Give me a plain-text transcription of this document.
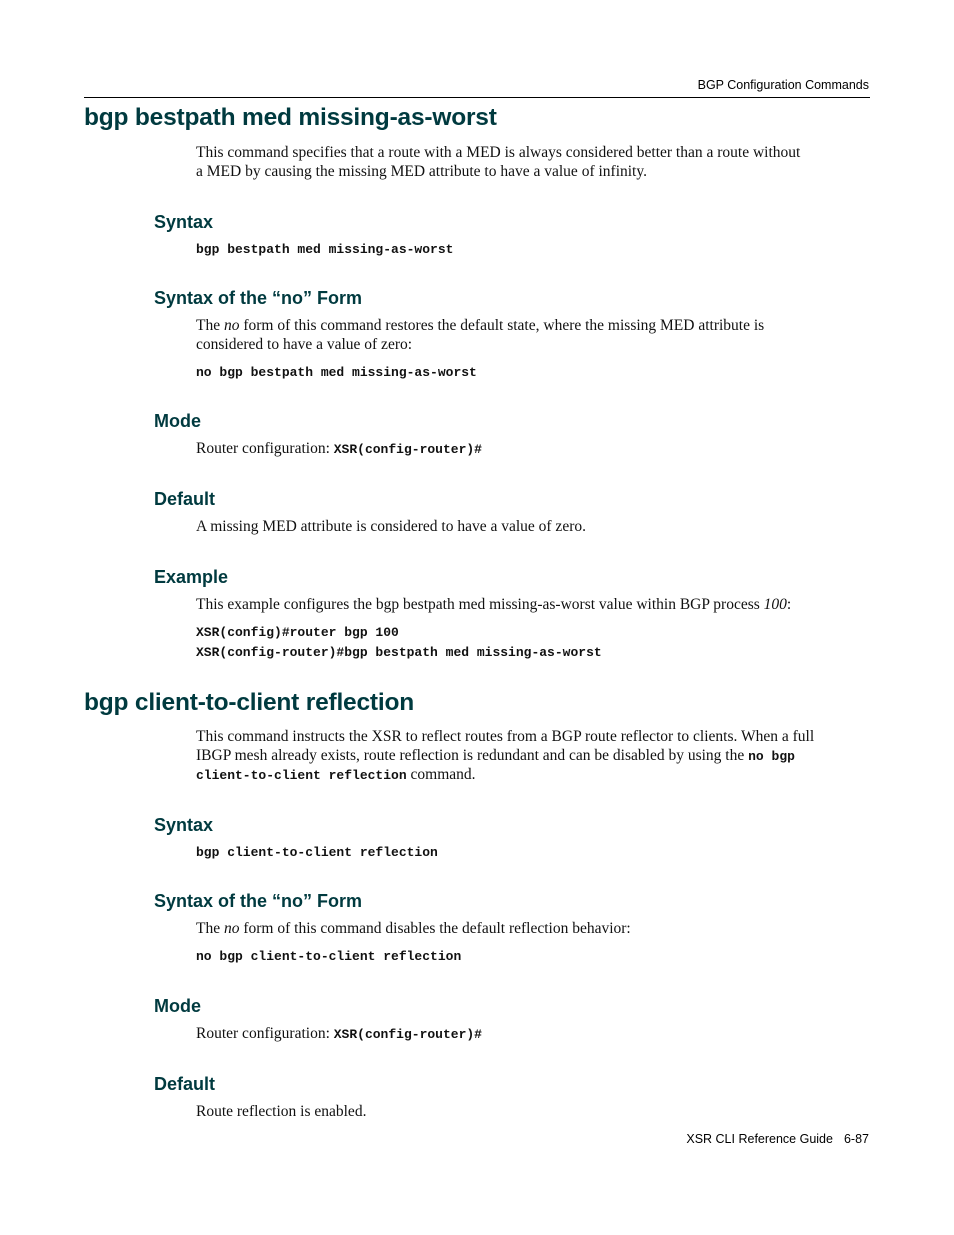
BGP Configuration Commands
bgp bestpath med missing-as-worst
This command specifies that a route with a MED is always considered better than a route without
a MED by causing the missing MED attribute to have a value of infinity.
Syntax
bgp bestpath med missing-as-worst
Syntax of the “no” Form
The no form of this command restores the default state, where the missing MED attribute is
considered to have a value of zero:
no bgp bestpath med missing-as-worst
Mode
Router configuration: XSR(config-router)#
Default
A missing MED attribute is considered to have a value of zero.
Example
This example configures the bgp bestpath med missing-as-worst value within BGP process 100:
XSR(config)#router bgp 100
XSR(config-router)#bgp bestpath med missing-as-worst
bgp client-to-client reflection
This command instructs the XSR to reflect routes from a BGP route reflector to clients. When a full
IBGP mesh already exists, route reflection is redundant and can be disabled by using the no bgp
client-to-client reflection command.
Syntax
bgp client-to-client reflection
Syntax of the “no” Form
The no form of this command disables the default reflection behavior:
no bgp client-to-client reflection
Mode
Router configuration: XSR(config-router)#
Default
Route reflection is enabled.
XSR CLI Reference Guide 6-87
